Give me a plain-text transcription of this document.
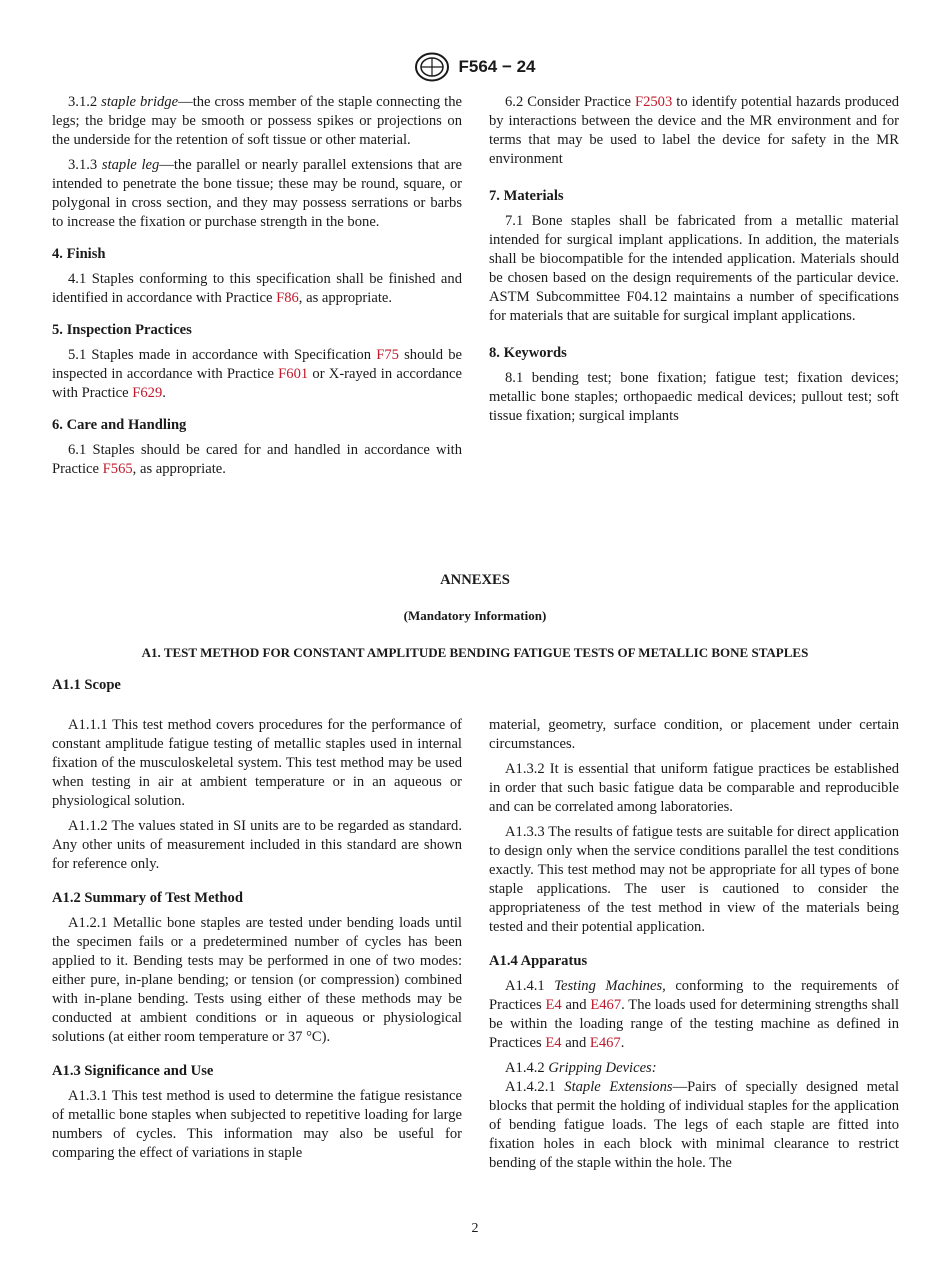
F564 − 24

3.1.2 staple bridge—the cross member of the staple connecting the legs; the bridge may be smooth or possess spikes or projections on the underside for the retention of soft tissue or other material.

3.1.3 staple leg—the parallel or nearly parallel extensions that are intended to penetrate the bone tissue; these may be round, square, or polygonal in cross section, and they may possess serrations or barbs to increase the fixation or purchase strength in the bone.

4. Finish

4.1 Staples conforming to this specification shall be finished and identified in accordance with Practice F86, as appropriate.

5. Inspection Practices

5.1 Staples made in accordance with Specification F75 should be inspected in accordance with Practice F601 or X-rayed in accordance with Practice F629.

6. Care and Handling

6.1 Staples should be cared for and handled in accordance with Practice F565, as appropriate.

6.2 Consider Practice F2503 to identify potential hazards produced by interactions between the device and the MR environment and for terms that may be used to label the device for safety in the MR environment

7. Materials

7.1 Bone staples shall be fabricated from a metallic material intended for surgical implant applications. In addition, the materials shall be biocompatible for the intended application. Materials should be chosen based on the design requirements of the particular device. ASTM Subcommittee F04.12 maintains a number of specifications for materials that are suitable for surgical implant applications.

8. Keywords

8.1 bending test; bone fixation; fatigue test; fixation devices; metallic bone staples; orthopaedic medical devices; pullout test; soft tissue fixation; surgical implants

ANNEXES
(Mandatory Information)
A1. TEST METHOD FOR CONSTANT AMPLITUDE BENDING FATIGUE TESTS OF METALLIC BONE STAPLES
A1.1 Scope

A1.1.1 This test method covers procedures for the performance of constant amplitude fatigue testing of metallic staples used in internal fixation of the musculoskeletal system. This test method may be used when testing in air at ambient temperature or in an aqueous or physiological solution.

A1.1.2 The values stated in SI units are to be regarded as standard. Any other units of measurement included in this standard are shown for reference only.

A1.2 Summary of Test Method

A1.2.1 Metallic bone staples are tested under bending loads until the specimen fails or a predetermined number of cycles has been applied to it. Bending tests may be performed in one of two modes: either pure, in-plane bending; or tension (or compression) combined with in-plane bending. Tests using either of these methods may be conducted at ambient conditions or in aqueous or physiological solutions (at either room temperature or 37 °C).

A1.3 Significance and Use

A1.3.1 This test method is used to determine the fatigue resistance of metallic bone staples when subjected to repetitive loading for large numbers of cycles. This information may also be useful for comparing the effect of variations in staple

material, geometry, surface condition, or placement under certain circumstances.

A1.3.2 It is essential that uniform fatigue practices be established in order that such basic fatigue data be comparable and reproducible and can be correlated among laboratories.

A1.3.3 The results of fatigue tests are suitable for direct application to design only when the service conditions parallel the test conditions exactly. This test method may not be appropriate for all types of bone staple applications. The user is cautioned to consider the appropriateness of the test method in view of the materials being tested and their potential application.

A1.4 Apparatus

A1.4.1 Testing Machines, conforming to the requirements of Practices E4 and E467. The loads used for determining strengths shall be within the loading range of the testing machine as defined in Practices E4 and E467.

A1.4.2 Gripping Devices:

A1.4.2.1 Staple Extensions—Pairs of specially designed metal blocks that permit the holding of individual staples for the application of bending fatigue loads. The legs of each staple are fitted into fixation holes in each block with minimal clearance to restrict bending of the staple within the hole. The

2
